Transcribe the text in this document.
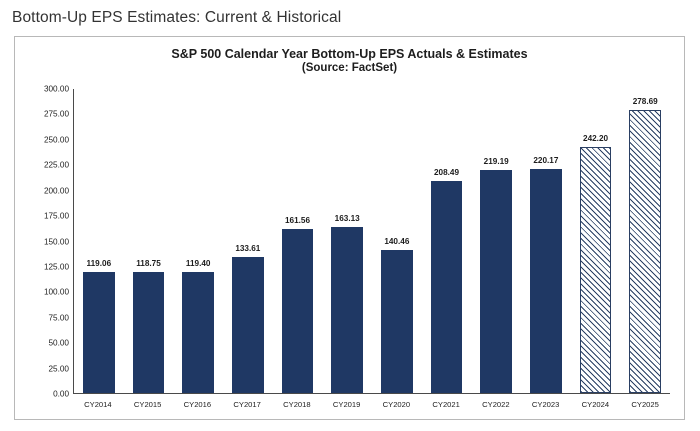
Bottom-Up EPS Estimates: Current & Historical
S&P 500 Calendar Year Bottom-Up EPS Actuals & Estimates
(Source: FactSet)
0.00
25.00
50.00
75.00
100.00
125.00
150.00
175.00
200.00
225.00
250.00
275.00
300.00
119.06	118.75	119.40
133.61
161.56	163.13
140.46
208.49
219.19	220.17
242.20
278.69
CY2014	CY2015	CY2016	CY2017	CY2018	CY2019	CY2020	CY2021	CY2022	CY2023	CY2024	CY2025
